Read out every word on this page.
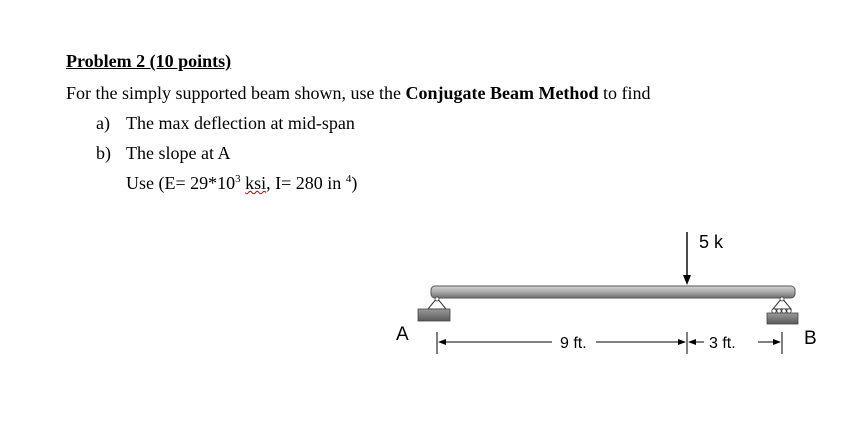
Problem 2 (10 points)
For the simply supported beam shown, use the Conjugate Beam Method to find
a) The max deflection at mid-span
b) The slope at A
Use ($E= 29*10^3$ ksi, I= 280 in $^4$)
5 k
A	B
9 ft.	3 ft.
